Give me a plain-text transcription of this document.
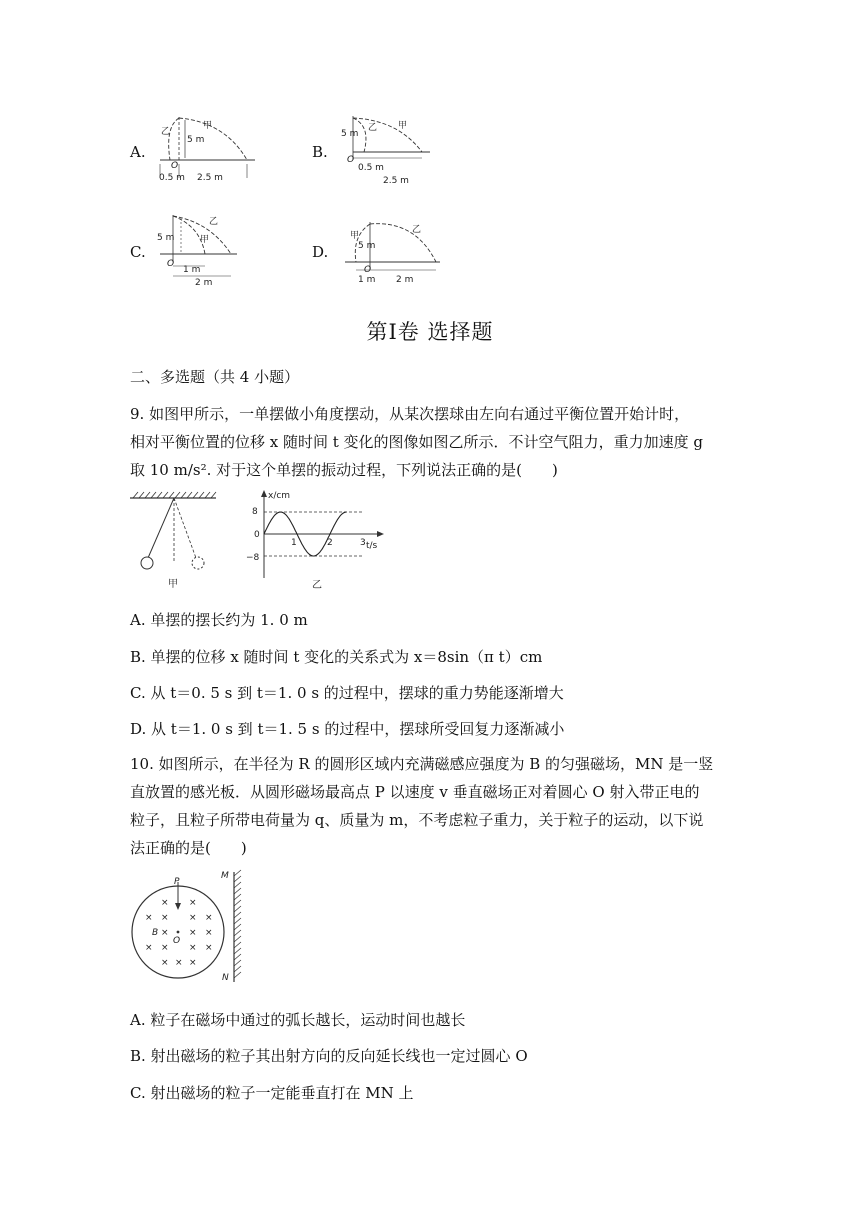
A.
甲
乙
5 m
O
0.5 m 2.5 m
B.
甲
乙
5 m
O
0.5 m
2.5 m
C.
乙
甲
5 m
O
1 m
2 m
D.
甲
乙
5 m
O
1 m 2 m
第Ⅰ卷 选择题
二、多选题（共 4 小题）
9. 如图甲所示，一单摆做小角度摆动，从某次摆球由左向右通过平衡位置开始计时，
相对平衡位置的位移 x 随时间 t 变化的图像如图乙所示．不计空气阻力，重力加速度 g
取 10 m/s². 对于这个单摆的振动过程，下列说法正确的是(　　)
甲
x/cm
t/s
8
0
−8
1	2	3
乙
A. 单摆的摆长约为 1. 0 m
B. 单摆的位移 x 随时间 t 变化的关系式为 x＝8sin（π t）cm
C. 从 t＝0. 5 s 到 t＝1. 0 s 的过程中，摆球的重力势能逐渐增大
D. 从 t＝1. 0 s 到 t＝1. 5 s 的过程中，摆球所受回复力逐渐减小
10. 如图所示，在半径为 R 的圆形区域内充满磁感应强度为 B 的匀强磁场，MN 是一竖
直放置的感光板．从圆形磁场最高点 P 以速度 v 垂直磁场正对着圆心 O 射入带正电的
粒子，且粒子所带电荷量为 q、质量为 m，不考虑粒子重力，关于粒子的运动，以下说
法正确的是(　　)
P
× ×
× × × ×
× × ×
× × × ×
× × ×
B
O
M
N
A. 粒子在磁场中通过的弧长越长，运动时间也越长
B. 射出磁场的粒子其出射方向的反向延长线也一定过圆心 O
C. 射出磁场的粒子一定能垂直打在 MN 上
